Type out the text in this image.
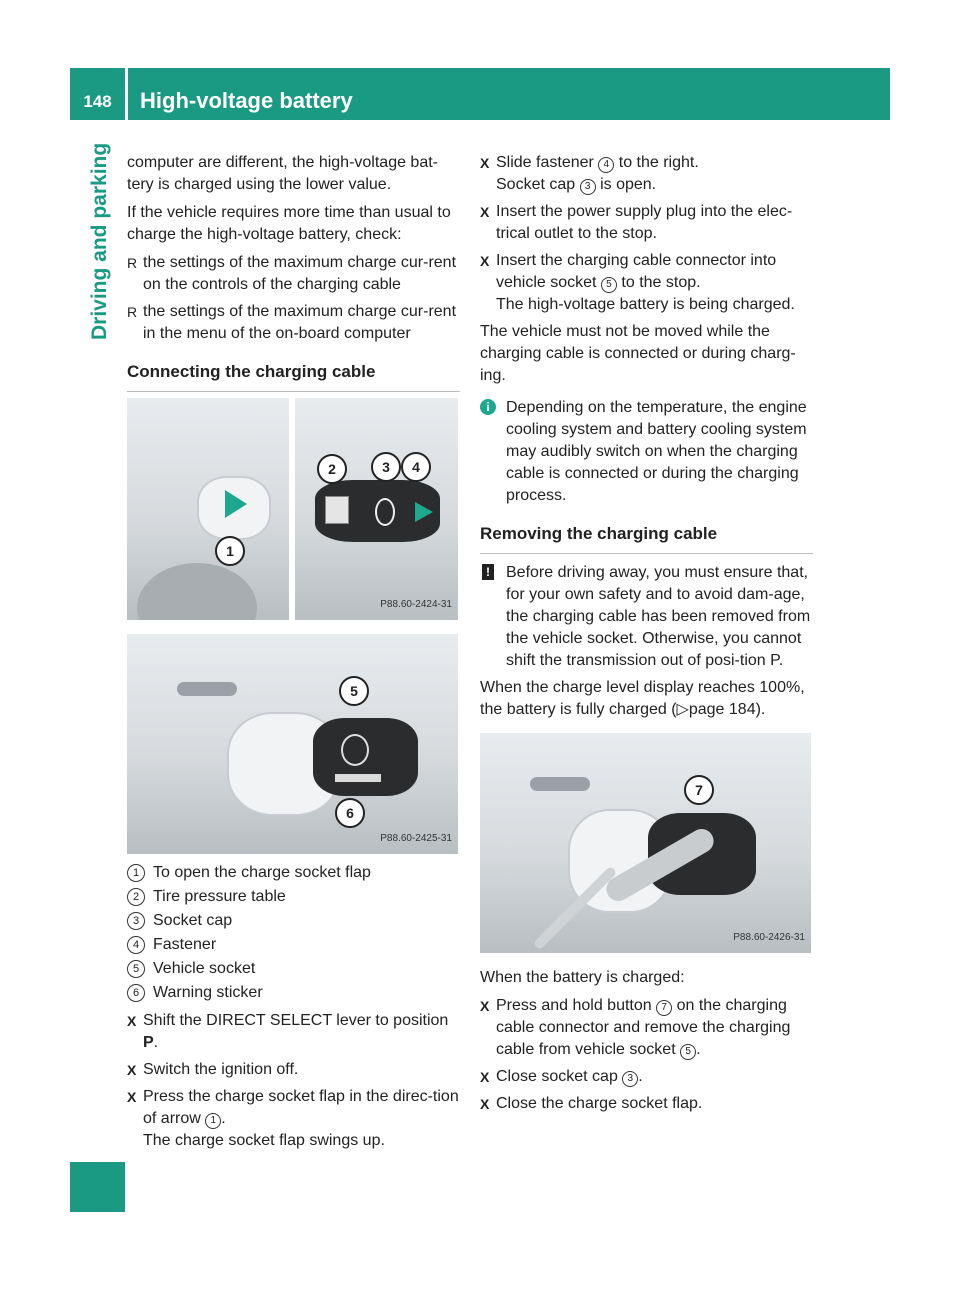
148	High-voltage battery
Driving and parking computer are different, the high-voltage bat-tery is charged using the lower value.

If the vehicle requires more time than usual to charge the high-voltage battery, check:

R the settings of the maximum charge cur-rent on the controls of the charging cable
R the settings of the maximum charge cur-rent in the menu of the on-board computer
Connecting the charging cable
1
2	3	4
P88.60-2424-31
5
6
P88.60-2425-31
1 To open the charge socket flap
2 Tire pressure table
3 Socket cap
4 Fastener
5 Vehicle socket
6 Warning sticker
X Shift the DIRECT SELECT lever to position P.
X Switch the ignition off.
X Press the charge socket flap in the direc-tion of arrow 1 .
The charge socket flap swings up.
X Slide fastener 4 to the right.
Socket cap 3 is open.
X Insert the power supply plug into the elec-trical outlet to the stop.
X Insert the charging cable connector into vehicle socket 5 to the stop.
The high-voltage battery is being charged.

The vehicle must not be moved while the charging cable is connected or during charg-ing.

i	Depending on the temperature, the engine cooling system and battery cooling system may audibly switch on when the charging cable is connected or during the charging process.
Removing the charging cable
! Before driving away, you must ensure that, for your own safety and to avoid dam-age, the charging cable has been removed from the vehicle socket. Otherwise, you cannot shift the transmission out of posi-tion P.

When the charge level display reaches 100%, the battery is fully charged (▷page 184).

7
P88.60-2426-31

When the battery is charged:

X Press and hold button 7 on the charging cable connector and remove the charging cable from vehicle socket 5 .
X Close socket cap 3 .
X Close the charge socket flap.
